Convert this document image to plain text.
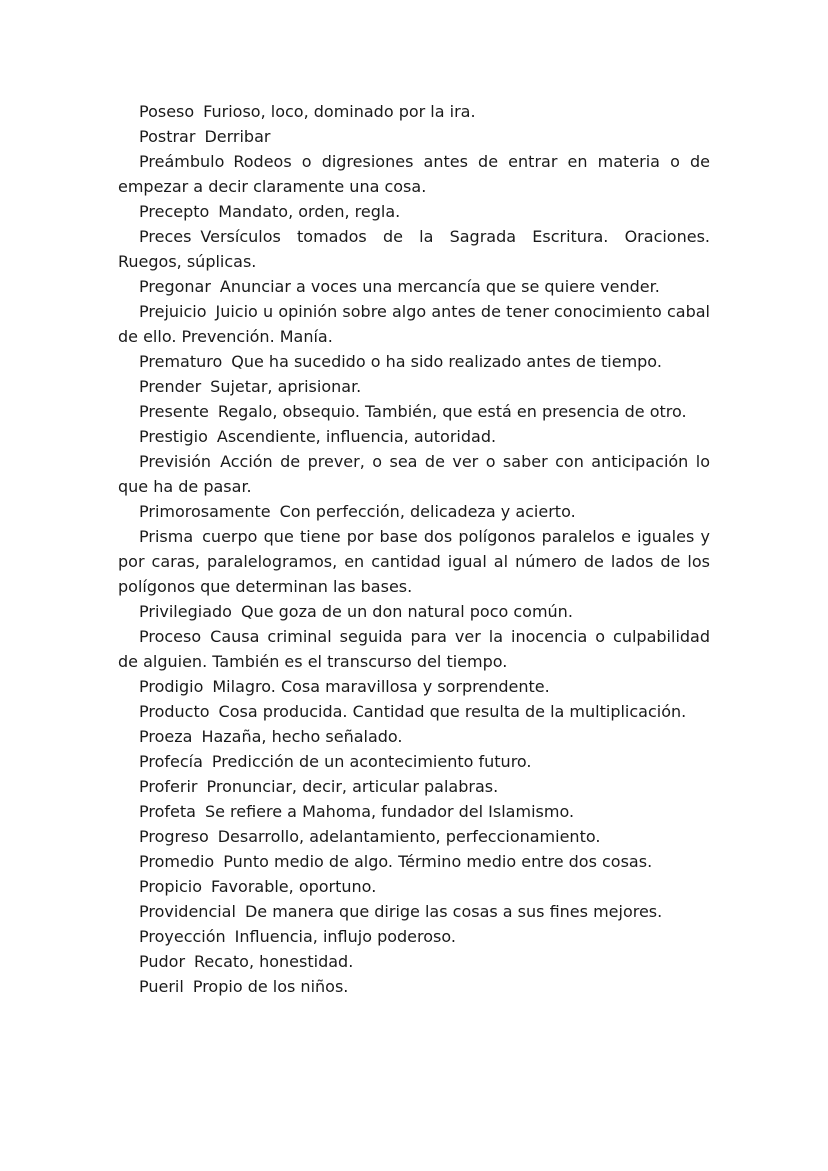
Poseso Furioso, loco, dominado por la ira.

Postrar Derribar

Preámbulo Rodeos o digresiones antes de entrar en materia o de empezar a decir claramente una cosa.

Precepto Mandato, orden, regla.

Preces Versículos tomados de la Sagrada Escritura. Oraciones. Ruegos, súplicas.

Pregonar Anunciar a voces una mercancía que se quiere vender.

Prejuicio Juicio u opinión sobre algo antes de tener conocimiento cabal de ello. Prevención. Manía.

Prematuro Que ha sucedido o ha sido realizado antes de tiempo.

Prender Sujetar, aprisionar.

Presente Regalo, obsequio. También, que está en presencia de otro.

Prestigio Ascendiente, influencia, autoridad.

Previsión Acción de prever, o sea de ver o saber con anticipación lo que ha de pasar.

Primorosamente Con perfección, delicadeza y acierto.

Prisma cuerpo que tiene por base dos polígonos paralelos e iguales y por caras, paralelogramos, en cantidad igual al número de lados de los polígonos que determinan las bases.

Privilegiado Que goza de un don natural poco común.

Proceso Causa criminal seguida para ver la inocencia o culpabilidad de alguien. También es el transcurso del tiempo.

Prodigio Milagro. Cosa maravillosa y sorprendente.

Producto Cosa producida. Cantidad que resulta de la multiplicación.

Proeza Hazaña, hecho señalado.

Profecía Predicción de un acontecimiento futuro.

Proferir Pronunciar, decir, articular palabras.

Profeta Se refiere a Mahoma, fundador del Islamismo.

Progreso Desarrollo, adelantamiento, perfeccionamiento.

Promedio Punto medio de algo. Término medio entre dos cosas.

Propicio Favorable, oportuno.

Providencial De manera que dirige las cosas a sus fines mejores.

Proyección Influencia, influjo poderoso.

Pudor Recato, honestidad.

Pueril Propio de los niños.
